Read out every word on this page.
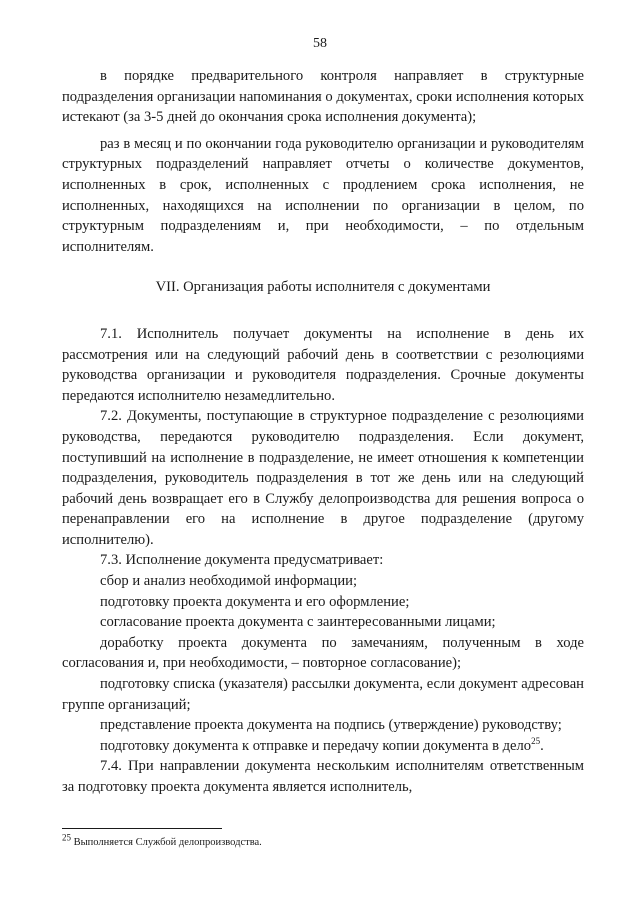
58

в порядке предварительного контроля направляет в структурные подразделения организации напоминания о документах, сроки исполнения которых истекают (за 3-5 дней до окончания срока исполнения документа);

раз в месяц и по окончании года руководителю организации и руководителям структурных подразделений направляет отчеты о количестве документов, исполненных в срок, исполненных с продлением срока исполнения, не исполненных, находящихся на исполнении по организации в целом, по структурным подразделениям и, при необходимости, – по отдельным исполнителям.

VII. Организация работы исполнителя с документами

7.1. Исполнитель получает документы на исполнение в день их рассмотрения или на следующий рабочий день в соответствии с резолюциями руководства организации и руководителя подразделения. Срочные документы передаются исполнителю незамедлительно.

7.2. Документы, поступающие в структурное подразделение с резолюциями руководства, передаются руководителю подразделения. Если документ, поступивший на исполнение в подразделение, не имеет отношения к компетенции подразделения, руководитель подразделения в тот же день или на следующий рабочий день возвращает его в Службу делопроизводства для решения вопроса о перенаправлении его на исполнение в другое подразделение (другому исполнителю).

7.3. Исполнение документа предусматривает:

сбор и анализ необходимой информации;

подготовку проекта документа и его оформление;

согласование проекта документа с заинтересованными лицами;

доработку проекта документа по замечаниям, полученным в ходе согласования и, при необходимости, – повторное согласование);

подготовку списка (указателя) рассылки документа, если документ адресован группе организаций;

представление проекта документа на подпись (утверждение) руководству;

подготовку документа к отправке и передачу копии документа в дело$^{25}$.

7.4. При направлении документа нескольким исполнителям ответственным за подготовку проекта документа является исполнитель,

$^{25}$ Выполняется Службой делопроизводства.
